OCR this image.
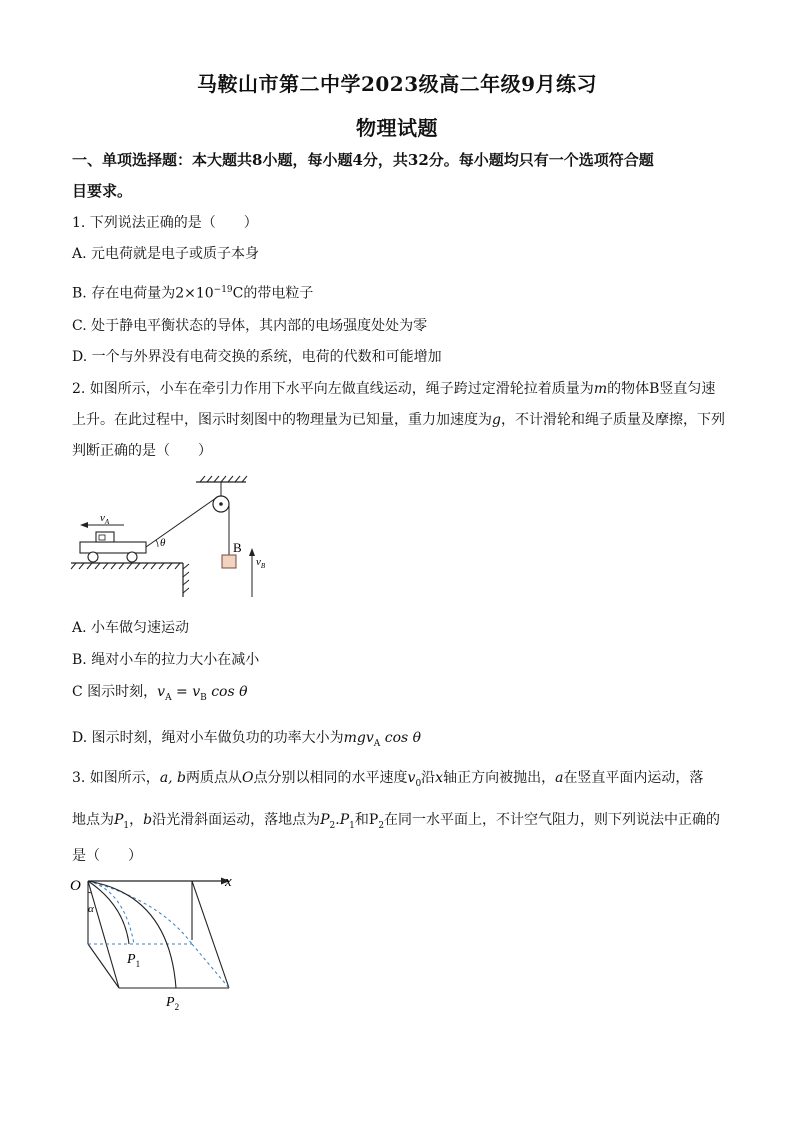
马鞍山市第二中学2023级高二年级9月练习
物理试题
一、单项选择题：本大题共8小题，每小题4分，共32分。每小题均只有一个选项符合题
目要求。
1. 下列说法正确的是（　　）
A. 元电荷就是电子或质子本身
B. 存在电荷量为$2\times 10^{-19}C$的带电粒子
C. 处于静电平衡状态的导体，其内部的电场强度处处为零
D. 一个与外界没有电荷交换的系统，电荷的代数和可能增加
2. 如图所示，小车在牵引力作用下水平向左做直线运动，绳子跨过定滑轮拉着质量为m的物体B竖直匀速
上升。在此过程中，图示时刻图中的物理量为已知量，重力加速度为g，不计滑轮和绳子质量及摩擦，下列
判断正确的是（　　）
B
$v_B$
$v_A$
θ
A. 小车做匀速运动
B. 绳对小车的拉力大小在减小
C 图示时刻，$v_A = v_B$ cos θ
D. 图示时刻，绳对小车做负功的功率大小为mgv$_A$ cos θ
3. 如图所示，a, b两质点从O点分别以相同的水平速度$v_0$沿x轴正方向被抛出，a在竖直平面内运动，落
地点为$P_1$，b沿光滑斜面运动，落地点为$P_2.P_1$和$P_2$在同一水平面上，不计空气阻力，则下列说法中正确的
是（　　）
x
O
α
$P_1$
$P_2$
